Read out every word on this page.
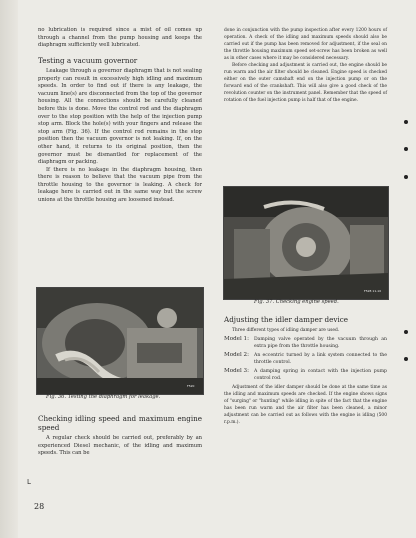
no lubrication is required since a mist of oil comes up through a channel from the pump housing and keeps the diaphragm sufficiently well lubricated.

Testing a vacuum governor

Leakage through a governor diaphragm that is not sealing properly can result in excessively high idling and maximum speeds. In order to find out if there is any leakage, the vacuum line(s) are disconnected from the top of the governor housing. All the connections should be carefully cleaned before this is done. Move the control rod and the diaphragm over to the stop position with the help of the injection pump stop arm. Block the hole(s) with your fingers and release the stop arm (Fig. 36). If the control rod remains in the stop position then the vacuum governor is not leaking. If, on the other hand, it returns to its original position, then the governor must be dismantled for replacement of the diaphragm or packing.

If there is no leakage in the diaphragm housing, then there is reason to believe that the vacuum pipe from the throttle housing to the governor is leaking. A check for leakage here is carried out in the same way but the screw unions at the throttle housing are loosened instead.

F520
Fig. 36. Testing the diaphragm for leakage.
Checking idling speed and maximum engine speed

A regular check should be carried out, preferably by an experienced Diesel mechanic, of the idling and maximum speeds. This can be

L
28

done in conjunction with the pump inspection after every 1200 hours of operation. A check of the idling and maximum speeds should also be carried out if the pump has been removed for adjustment, if the seal on the throttle housing maximum speed set-screw has been broken as well as in other cases where it may be considered necessary.

Before checking and adjustment is carried out, the engine should be run warm and the air filter should be cleaned. Engine speed is checked either on the outer camshaft end on the injection pump or on the forward end of the crankshaft. This will also give a good check of the revolution counter on the instrument panel. Remember that the speed of rotation of the fuel injection pump is half that of the engine.

F528 11-10
Fig. 37. Checking engine speed.
Adjusting the idler damper device

Three different types of idling damper are used.

Model 1:	Damping valve operated by the vacuum through an extra pipe from the throttle housing.
Model 2:	An eccentric turned by a link system connected to the throttle control.
Model 3:	A damping spring in contact with the injection pump control rod.

Adjustment of the idler damper should be done at the same time as the idling and maximum speeds are checked. If the engine shows signs of "surging" or "hunting" while idling in spite of the fact that the engine has been run warm and the air filter has been cleaned, a minor adjustment can be carried out as follows with the engine is idling (500 r.p.m.).
